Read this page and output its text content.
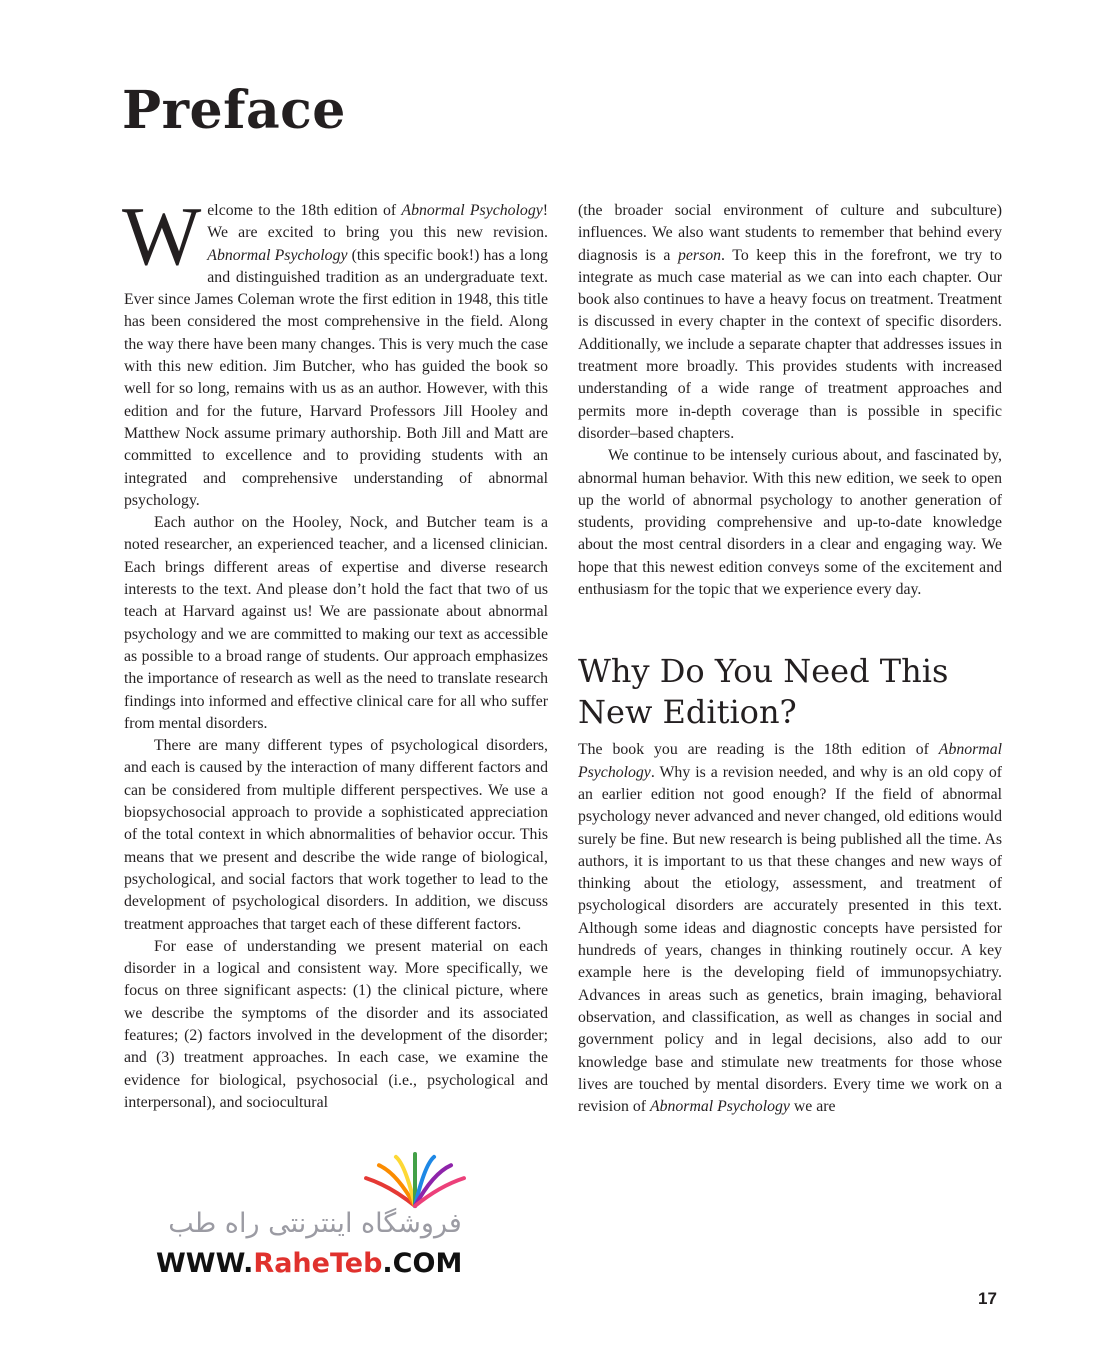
Preface

Welcome to the 18th edition of Abnormal Psychology! We are excited to bring you this new revision. Abnormal Psychology (this specific book!) has a long and distinguished tradition as an undergraduate text. Ever since James Coleman wrote the first edition in 1948, this title has been considered the most comprehensive in the field. Along the way there have been many changes. This is very much the case with this new edition. Jim Butcher, who has guided the book so well for so long, remains with us as an author. However, with this edition and for the future, Harvard Professors Jill Hooley and Matthew Nock assume primary authorship. Both Jill and Matt are committed to excellence and to providing students with an integrated and comprehensive understanding of abnormal psychology.

Each author on the Hooley, Nock, and Butcher team is a noted researcher, an experienced teacher, and a licensed clinician. Each brings different areas of expertise and diverse research interests to the text. And please don’t hold the fact that two of us teach at Harvard against us! We are passionate about abnormal psychology and we are committed to making our text as accessible as possible to a broad range of students. Our approach emphasizes the importance of research as well as the need to translate research findings into informed and effective clinical care for all who suffer from mental disorders.

There are many different types of psychological disorders, and each is caused by the interaction of many different factors and can be considered from multiple different perspectives. We use a biopsychosocial approach to provide a sophisticated appreciation of the total context in which abnormalities of behavior occur. This means that we present and describe the wide range of biological, psychological, and social factors that work together to lead to the development of psychological disorders. In addition, we discuss treatment approaches that target each of these different factors.

For ease of understanding we present material on each disorder in a logical and consistent way. More specifically, we focus on three significant aspects: (1) the clinical picture, where we describe the symptoms of the disorder and its associated features; (2) factors involved in the development of the disorder; and (3) treatment approaches. In each case, we examine the evidence for biological, psychosocial (i.e., psychological and interpersonal), and sociocultural

(the broader social environment of culture and subculture) influences. We also want students to remember that behind every diagnosis is a person. To keep this in the forefront, we try to integrate as much case material as we can into each chapter. Our book also continues to have a heavy focus on treatment. Treatment is discussed in every chapter in the context of specific disorders. Additionally, we include a separate chapter that addresses issues in treatment more broadly. This provides students with increased understanding of a wide range of treatment approaches and permits more in-depth coverage than is possible in specific disorder–based chapters.

We continue to be intensely curious about, and fascinated by, abnormal human behavior. With this new edition, we seek to open up the world of abnormal psychology to another generation of students, providing comprehensive and up-to-date knowledge about the most central disorders in a clear and engaging way. We hope that this newest edition conveys some of the excitement and enthusiasm for the topic that we experience every day.

Why Do You Need This New Edition?

The book you are reading is the 18th edition of Abnormal Psychology. Why is a revision needed, and why is an old copy of an earlier edition not good enough? If the field of abnormal psychology never advanced and never changed, old editions would surely be fine. But new research is being published all the time. As authors, it is important to us that these changes and new ways of thinking about the etiology, assessment, and treatment of psychological disorders are accurately presented in this text. Although some ideas and diagnostic concepts have persisted for hundreds of years, changes in thinking routinely occur. A key example here is the developing field of immunopsychiatry. Advances in areas such as genetics, brain imaging, behavioral observation, and classification, as well as changes in social and government policy and in legal decisions, also add to our knowledge base and stimulate new treatments for those whose lives are touched by mental disorders. Every time we work on a revision of Abnormal Psychology we are

17
فروشگاه اینترنتی راه طب
WWW.RaheTeb.COM
